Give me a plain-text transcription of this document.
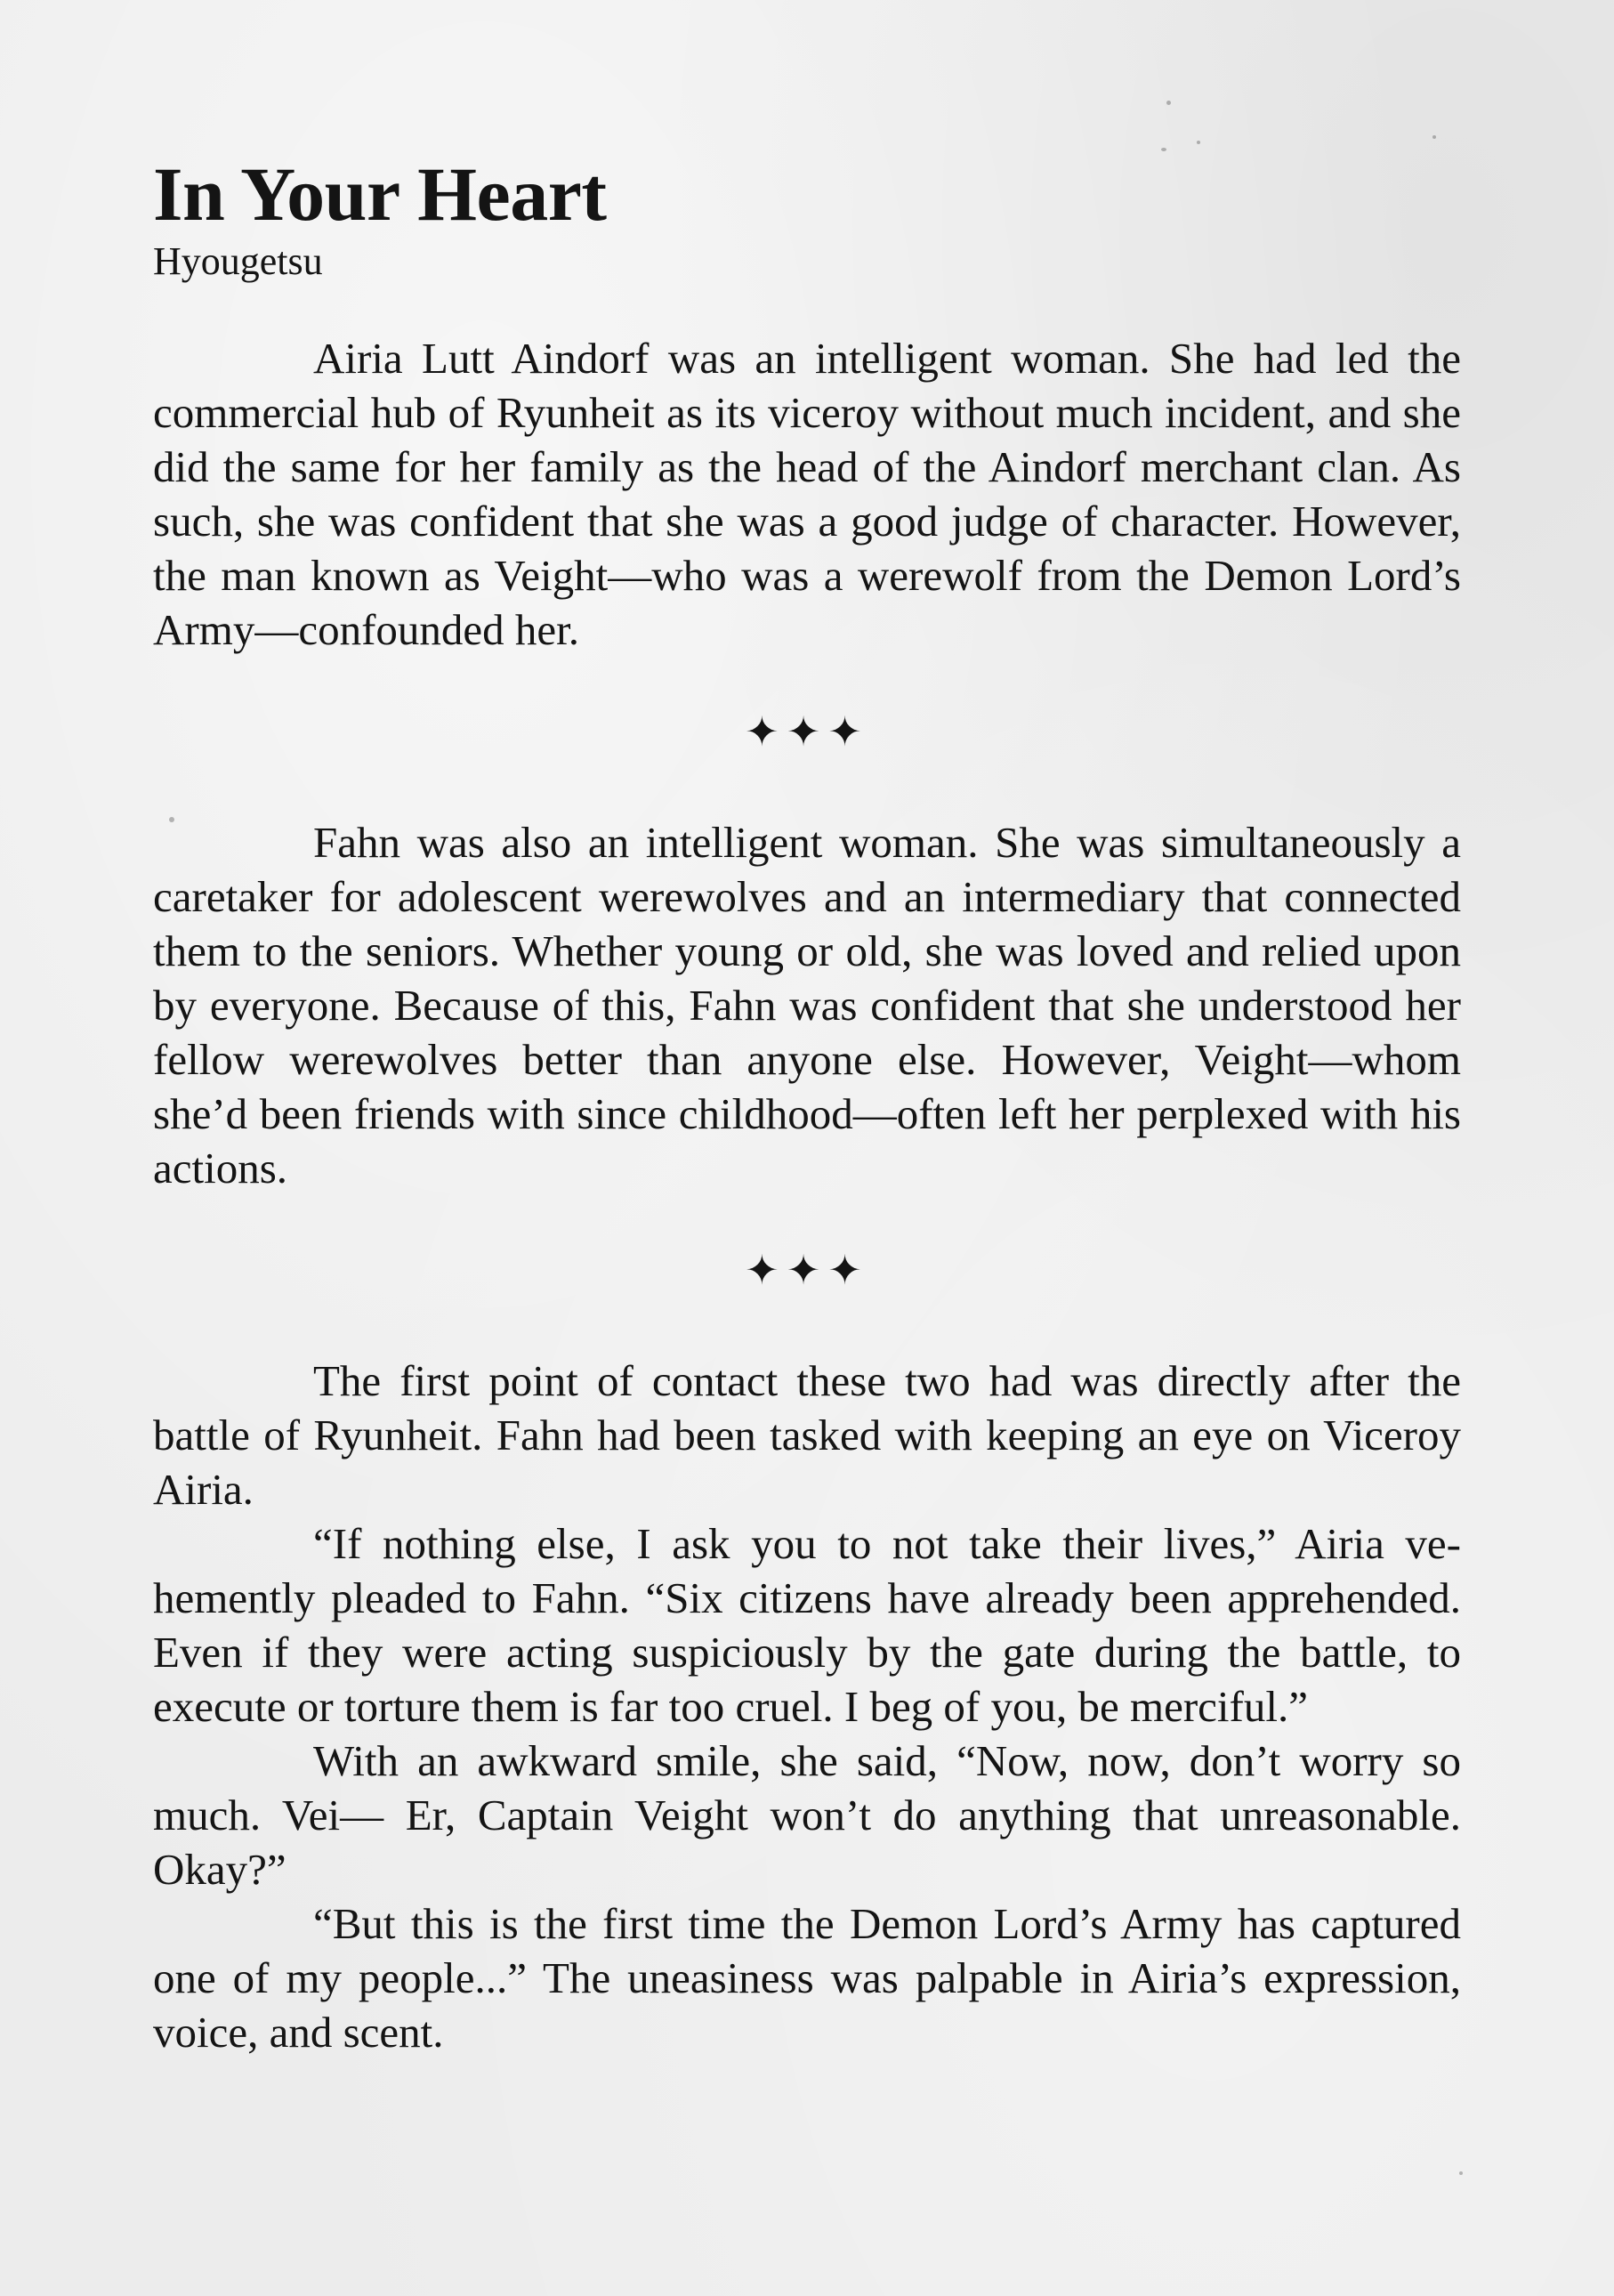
In Your Heart
Hyougetsu

Airia Lutt Aindorf was an intelligent woman. She had led the commercial hub of Ryunheit as its viceroy without much incident, and she did the same for her family as the head of the Aindorf merchant clan. As such, she was confident that she was a good judge of character. However, the man known as Veight—who was a werewolf from the Demon Lord’s Army—confounded her.

✦✦✦

Fahn was also an intelligent woman. She was simultaneously a caretaker for adolescent werewolves and an intermediary that connected them to the seniors. Whether young or old, she was loved and relied upon by everyone. Because of this, Fahn was confident that she understood her fellow werewolves better than anyone else. However, Veight—whom she’d been friends with since childhood—often left her perplexed with his actions.

✦✦✦

The first point of contact these two had was directly after the battle of Ryunheit. Fahn had been tasked with keeping an eye on Viceroy Airia.

“If nothing else, I ask you to not take their lives,” Airia vehemently pleaded to Fahn. “Six citizens have already been apprehended. Even if they were acting suspiciously by the gate during the battle, to execute or torture them is far too cruel. I beg of you, be merciful.”

With an awkward smile, she said, “Now, now, don’t worry so much. Vei— Er, Captain Veight won’t do anything that unreasonable. Okay?”

“But this is the first time the Demon Lord’s Army has captured one of my people...” The uneasiness was palpable in Airia’s expression, voice, and scent.
